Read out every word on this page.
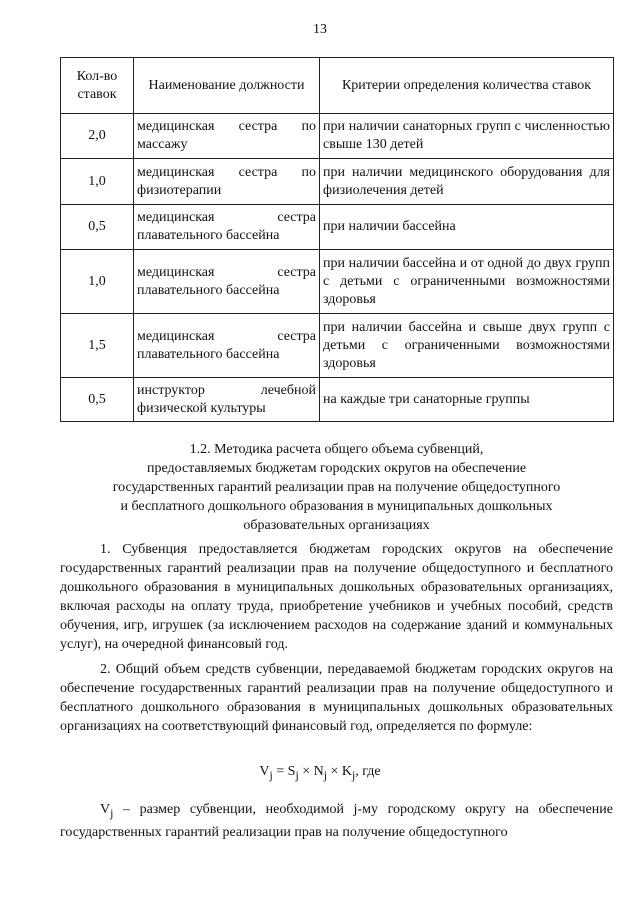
13
Кол-во ставок	Наименование должности	Критерии определения количества ставок
2,0	медицинская сестра по массажу	при наличии санаторных групп с численностью свыше 130 детей
1,0	медицинская сестра по физиотерапии	при наличии медицинского оборудования для физиолечения детей
0,5	медицинская сестра плавательного бассейна	при наличии бассейна
1,0	медицинская сестра плавательного бассейна	при наличии бассейна и от одной до двух групп с детьми с ограниченными возможностями здоровья
1,5	медицинская сестра плавательного бассейна	при наличии бассейна и свыше двух групп с детьми с ограниченными возможностями здоровья
0,5	инструктор лечебной физической культуры	на каждые три санаторные группы
1.2. Методика расчета общего объема субвенций,
предоставляемых бюджетам городских округов на обеспечение
государственных гарантий реализации прав на получение общедоступного
и бесплатного дошкольного образования в муниципальных дошкольных
образовательных организациях

1. Субвенция предоставляется бюджетам городских округов на обеспечение государственных гарантий реализации прав на получение общедоступного и бесплатного дошкольного образования в муниципальных дошкольных образовательных организациях, включая расходы на оплату труда, приобретение учебников и учебных пособий, средств обучения, игр, игрушек (за исключением расходов на содержание зданий и коммунальных услуг), на очередной финансовый год.

2. Общий объем средств субвенции, передаваемой бюджетам городских округов на обеспечение государственных гарантий реализации прав на получение общедоступного и бесплатного дошкольного образования в муниципальных дошкольных образовательных организациях на соответствующий финансовый год, определяется по формуле:

$V_j = S_j \times N_j \times K_j$, где

$V_j$ – размер субвенции, необходимой j-му городскому округу на обеспечение государственных гарантий реализации прав на получение общедоступного
